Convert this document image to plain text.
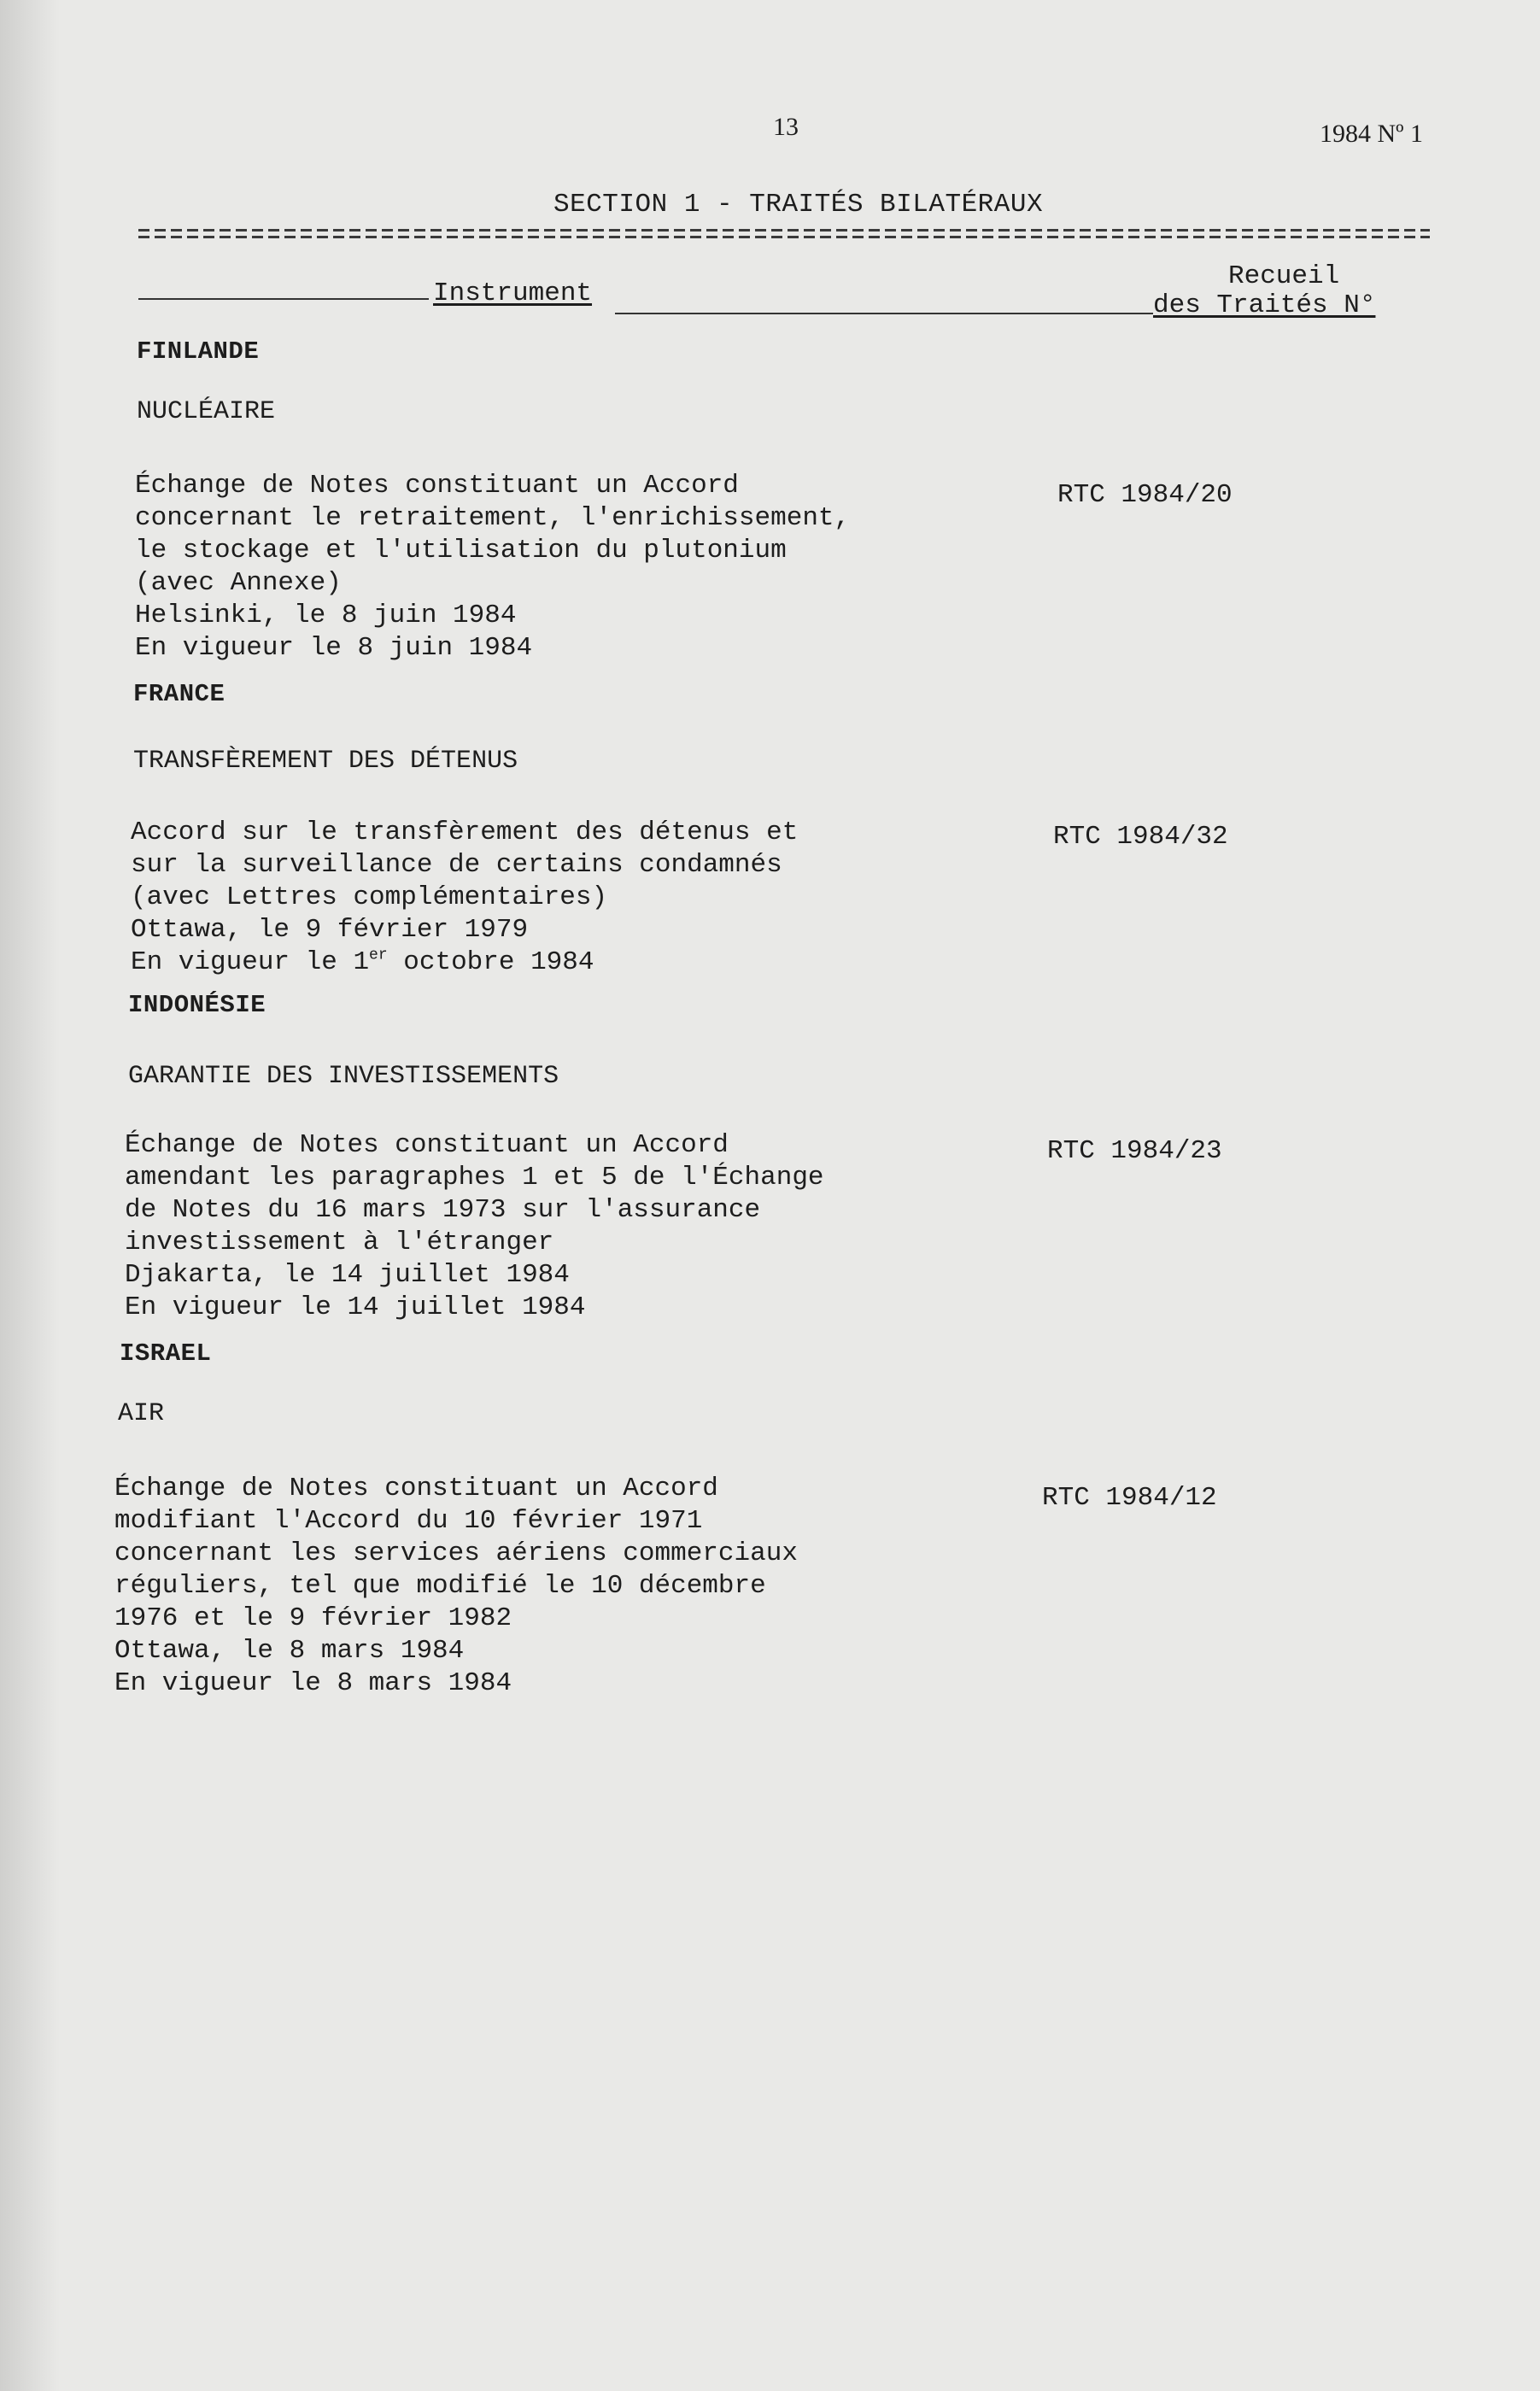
13	1984 Nº 1
SECTION 1 - TRAITÉS BILATÉRAUX
Instrument
Recueil
des Traités N°
FINLANDE
NUCLÉAIRE
Échange de Notes constituant un Accord
concernant le retraitement, l'enrichissement,
le stockage et l'utilisation du plutonium
(avec Annexe)
Helsinki, le 8 juin 1984
En vigueur le 8 juin 1984
RTC 1984/20
FRANCE
TRANSFÈREMENT DES DÉTENUS
Accord sur le transfèrement des détenus et
sur la surveillance de certains condamnés
(avec Lettres complémentaires)
Ottawa, le 9 février 1979
En vigueur le 1er octobre 1984
RTC 1984/32
INDONÉSIE
GARANTIE DES INVESTISSEMENTS
Échange de Notes constituant un Accord
amendant les paragraphes 1 et 5 de l'Échange
de Notes du 16 mars 1973 sur l'assurance
investissement à l'étranger
Djakarta, le 14 juillet 1984
En vigueur le 14 juillet 1984
RTC 1984/23
ISRAEL
AIR
Échange de Notes constituant un Accord
modifiant l'Accord du 10 février 1971
concernant les services aériens commerciaux
réguliers, tel que modifié le 10 décembre
1976 et le 9 février 1982
Ottawa, le 8 mars 1984
En vigueur le 8 mars 1984
RTC 1984/12
